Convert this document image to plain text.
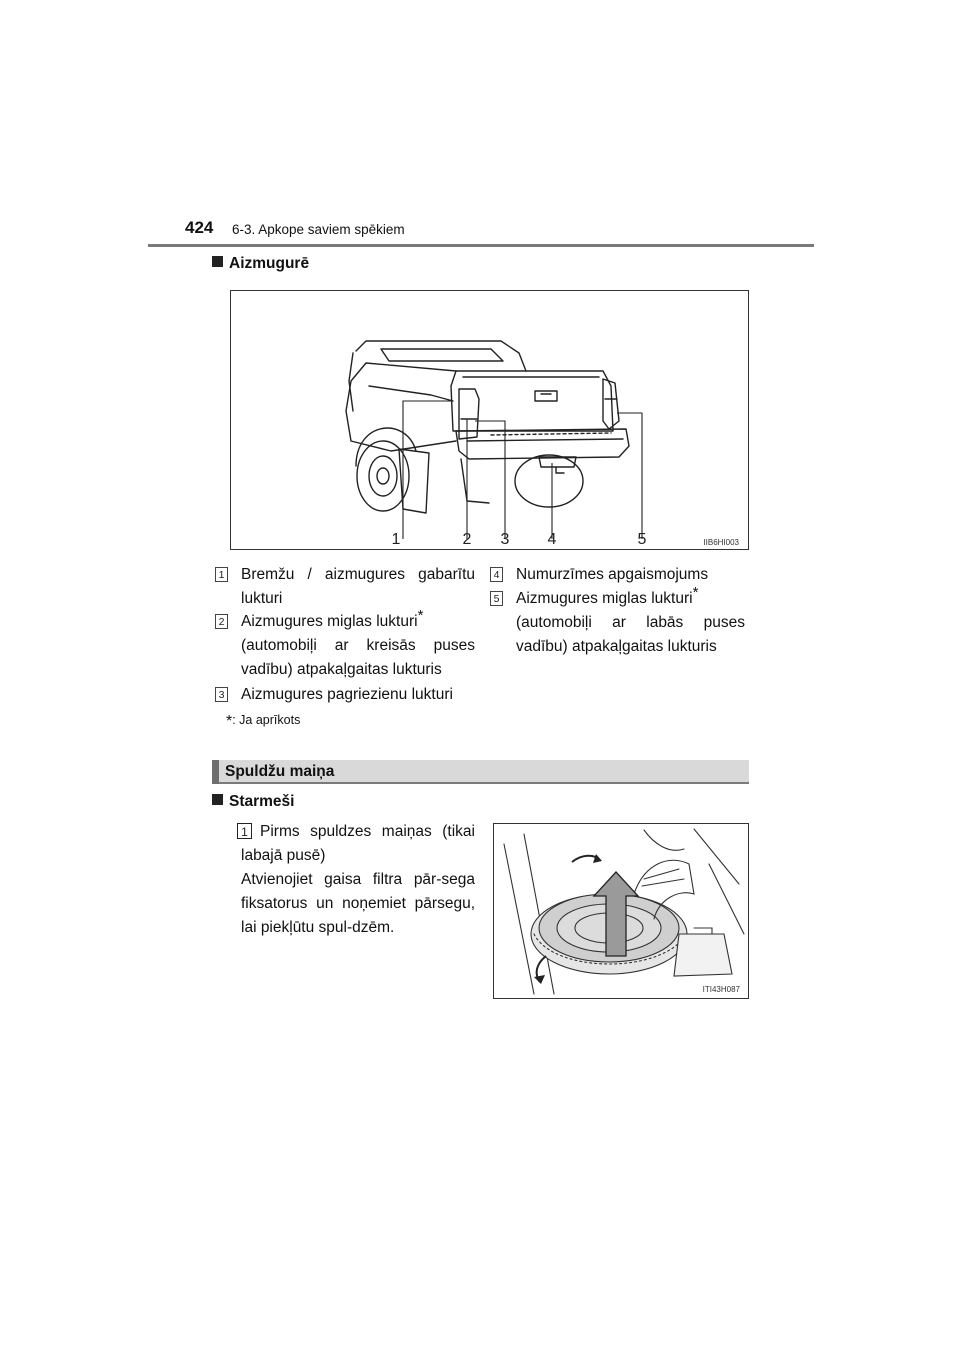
424 6-3. Apkope saviem spēkiem
Aizmugurē
1	2 3 4	5	IIB6HI003
1 Bremžu / aizmugures gabarītu lukturi
2 Aizmugures miglas lukturi*
(automobiļi ar kreisās puses vadību) atpakaļgaitas lukturis
3 Aizmugures pagriezienu lukturi
4 Numurzīmes apgaismojums
5 Aizmugures miglas lukturi*
(automobiļi ar labās puses vadību) atpakaļgaitas lukturis
*: Ja aprīkots
Spuldžu maiņa
Starmeši
1 Pirms spuldzes maiņas (tikai labajā pusē)
Atvienojiet gaisa filtra pār-sega fiksatorus un noņemiet pārsegu, lai piekļūtu spul-dzēm.
ITI43H087
